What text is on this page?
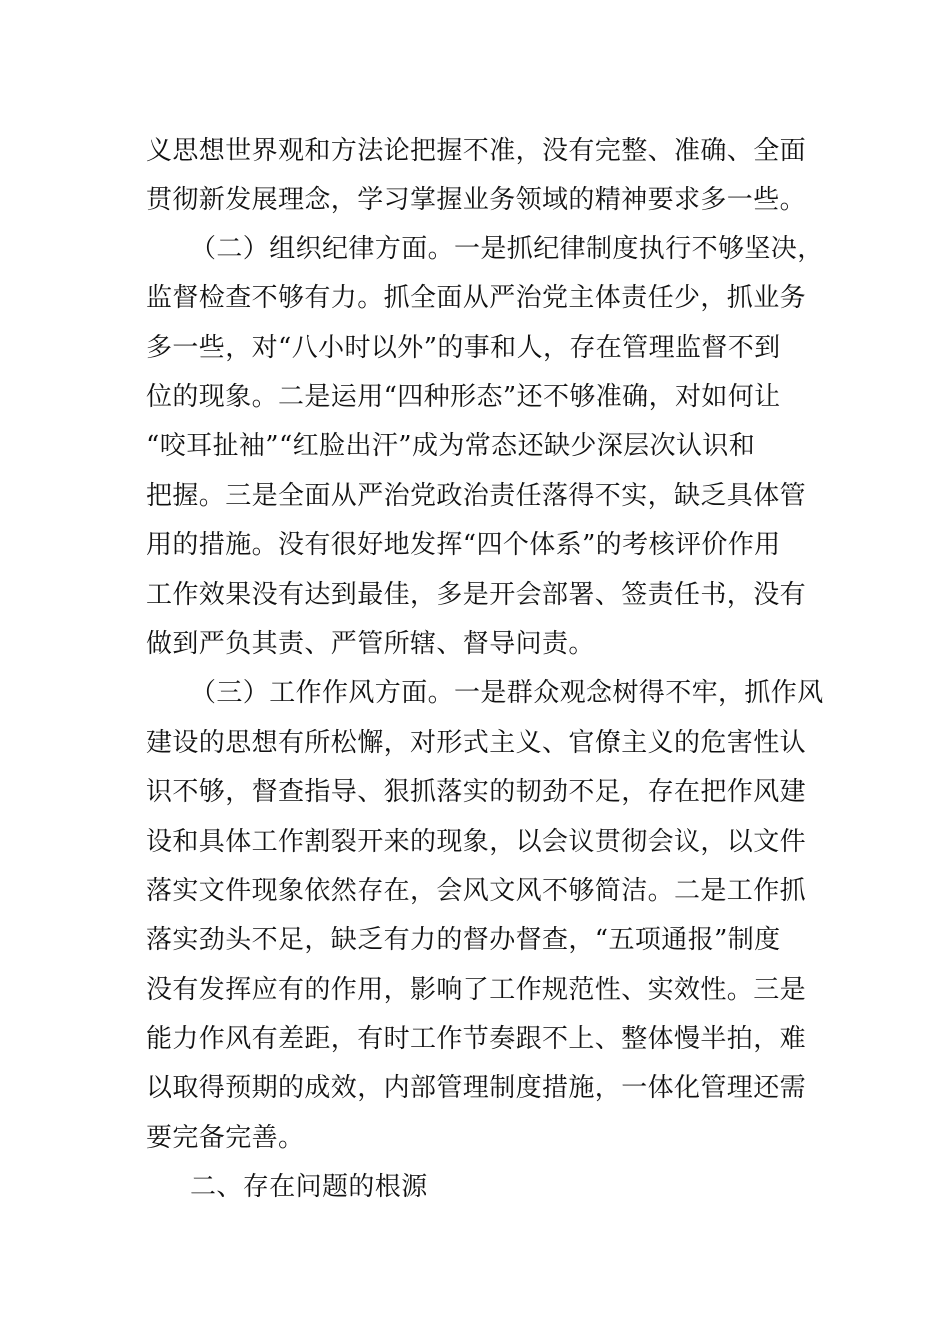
义思想世界观和方法论把握不准，没有完整、准确、全面
贯彻新发展理念，学习掌握业务领域的精神要求多一些。
（二）组织纪律方面。一是抓纪律制度执行不够坚决，
监督检查不够有力。抓全面从严治党主体责任少，抓业务
多一些，对“八小时以外”的事和人，存在管理监督不到
位的现象。二是运用“四种形态”还不够准确，对如何让
“咬耳扯袖”“红脸出汗”成为常态还缺少深层次认识和
把握。三是全面从严治党政治责任落得不实，缺乏具体管
用的措施。没有很好地发挥“四个体系”的考核评价作用
工作效果没有达到最佳，多是开会部署、签责任书，没有
做到严负其责、严管所辖、督导问责。
（三）工作作风方面。一是群众观念树得不牢，抓作风
建设的思想有所松懈，对形式主义、官僚主义的危害性认
识不够，督查指导、狠抓落实的韧劲不足，存在把作风建
设和具体工作割裂开来的现象，以会议贯彻会议，以文件
落实文件现象依然存在，会风文风不够简洁。二是工作抓
落实劲头不足，缺乏有力的督办督查，“五项通报”制度
没有发挥应有的作用，影响了工作规范性、实效性。三是
能力作风有差距，有时工作节奏跟不上、整体慢半拍，难
以取得预期的成效，内部管理制度措施，一体化管理还需
要完备完善。
二、存在问题的根源
